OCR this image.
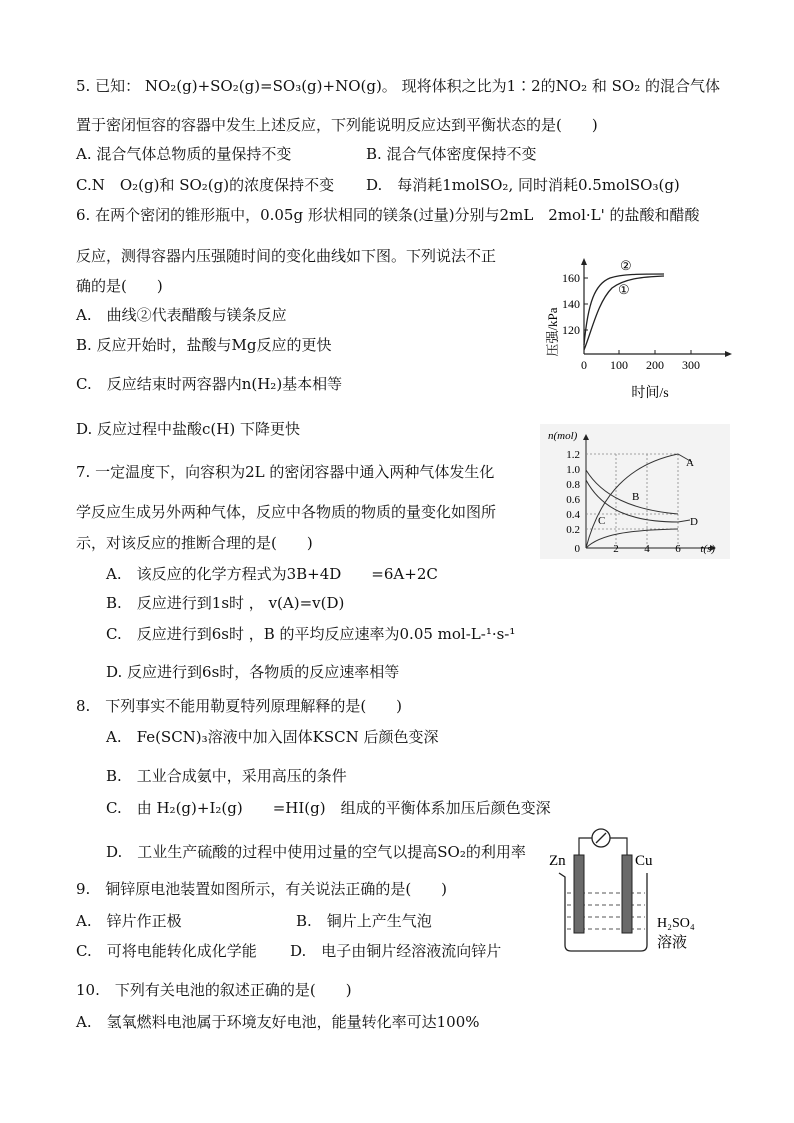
5. 已知： NO₂(g)+SO₂(g)=SO₃(g)+NO(g)。 现将体积之比为1∶2的NO₂ 和 SO₂ 的混合气体
置于密闭恒容的容器中发生上述反应，下列能说明反应达到平衡状态的是(　　)
A. 混合气体总物质的量保持不变	B. 混合气体密度保持不变
C.N　O₂(g)和 SO₂(g)的浓度保持不变 D.　每消耗1molSO₂, 同时消耗0.5molSO₃(g)
6. 在两个密闭的锥形瓶中，0.05g 形状相同的镁条(过量)分别与2mL　2mol·L' 的盐酸和醋酸
反应，测得容器内压强随时间的变化曲线如下图。下列说法不正
确的是(　　)
A.　曲线②代表醋酸与镁条反应
B. 反应开始时，盐酸与Mg反应的更快
C.　反应结束时两容器内n(H₂)基本相等
D. 反应过程中盐酸c(H) 下降更快
压强/kPa
160
140
120
0 100 200 300
②
①
时间/s
7. 一定温度下，向容积为2L 的密闭容器中通入两种气体发生化
学反应生成另外两种气体，反应中各物质的物质的量变化如图所
示，对该反应的推断合理的是(　　)
A.　该反应的化学方程式为3B+4D　　=6A+2C
B.　反应进行到1s时 ， v(A)=v(D)
C.　反应进行到6s时 ，B 的平均反应速率为0.05 mol-L-¹·s-¹
D. 反应进行到6s时，各物质的反应速率相等
n(mol)
1.2
1.0
0.8
0.6
0.4
0.2
0	2 4 6 t(s)
A
B
C	D
8.　下列事实不能用勒夏特列原理解释的是(　　)
A.　Fe(SCN)₃溶液中加入固体KSCN 后颜色变深
B.　工业合成氨中，采用高压的条件
C.　由 H₂(g)+I₂(g)　　=HI(g)　组成的平衡体系加压后颜色变深
D.　工业生产硫酸的过程中使用过量的空气以提高SO₂的利用率 Zn	Cu
H₂SO₄
溶液
9.　铜锌原电池装置如图所示，有关说法正确的是(　　)
A.　锌片作正极	B.　铜片上产生气泡
C.　可将电能转化成化学能 D.　电子由铜片经溶液流向锌片
10.　下列有关电池的叙述正确的是(　　)
A.　氢氧燃料电池属于环境友好电池，能量转化率可达100%
